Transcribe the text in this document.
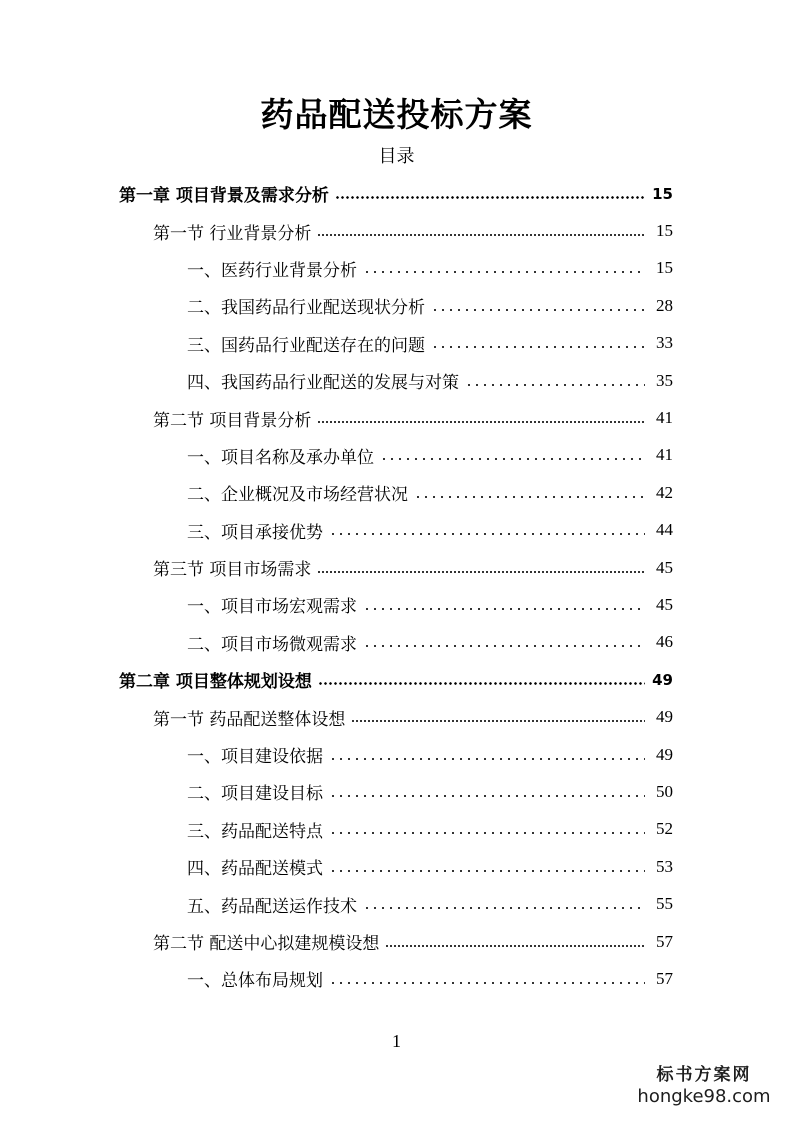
药品配送投标方案
目录
第一章 项目背景及需求分析	15
第一节 行业背景分析	15
一、医药行业背景分析	15
二、我国药品行业配送现状分析	28
三、国药品行业配送存在的问题	33
四、我国药品行业配送的发展与对策	35
第二节 项目背景分析	41
一、项目名称及承办单位	41
二、企业概况及市场经营状况	42
三、项目承接优势	44
第三节 项目市场需求	45
一、项目市场宏观需求	45
二、项目市场微观需求	46
第二章 项目整体规划设想	49
第一节 药品配送整体设想	49
一、项目建设依据	49
二、项目建设目标	50
三、药品配送特点	52
四、药品配送模式	53
五、药品配送运作技术	55
第二节 配送中心拟建规模设想	57
一、总体布局规划	57
1
标书方案网
hongke98.com
